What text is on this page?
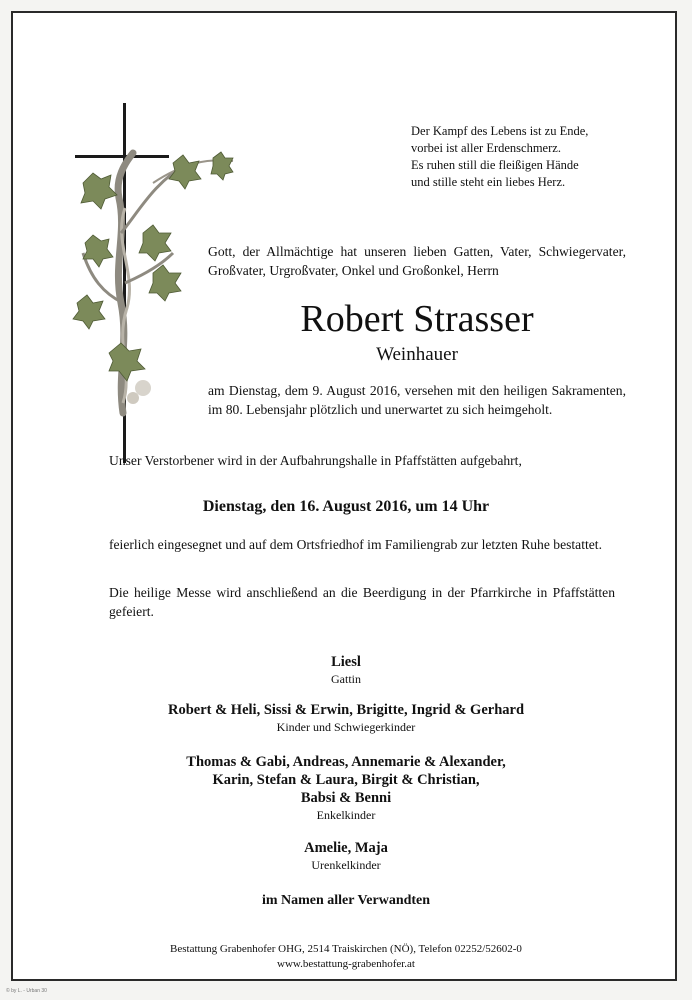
Der Kampf des Lebens ist zu Ende,
vorbei ist aller Erdenschmerz.
Es ruhen still die fleißigen Hände
und stille steht ein liebes Herz.

Gott, der Allmächtige hat unseren lieben Gatten, Vater, Schwiegervater, Großvater, Urgroßvater, Onkel und Großonkel, Herrn

Robert Strasser
Weinhauer

am Dienstag, dem 9. August 2016, versehen mit den heiligen Sakramenten, im 80. Lebensjahr plötzlich und unerwartet zu sich heimgeholt.

Unser Verstorbener wird in der Aufbahrungshalle in Pfaffstätten aufgebahrt,
Dienstag, den 16. August 2016, um 14 Uhr

feierlich eingesegnet und auf dem Ortsfriedhof im Familiengrab zur letzten Ruhe bestattet.

Die heilige Messe wird anschließend an die Beerdigung in der Pfarrkirche in Pfaffstätten gefeiert.

Liesl
Gattin
Robert & Heli, Sissi & Erwin, Brigitte, Ingrid & Gerhard
Kinder und Schwiegerkinder
Thomas & Gabi, Andreas, Annemarie & Alexander,
Karin, Stefan & Laura, Birgit & Christian,
Babsi & Benni
Enkelkinder
Amelie, Maja
Urenkelkinder
im Namen aller Verwandten
Bestattung Grabenhofer OHG, 2514 Traiskirchen (NÖ), Telefon 02252/52602-0
www.bestattung-grabenhofer.at
© by L. - Urban 30
